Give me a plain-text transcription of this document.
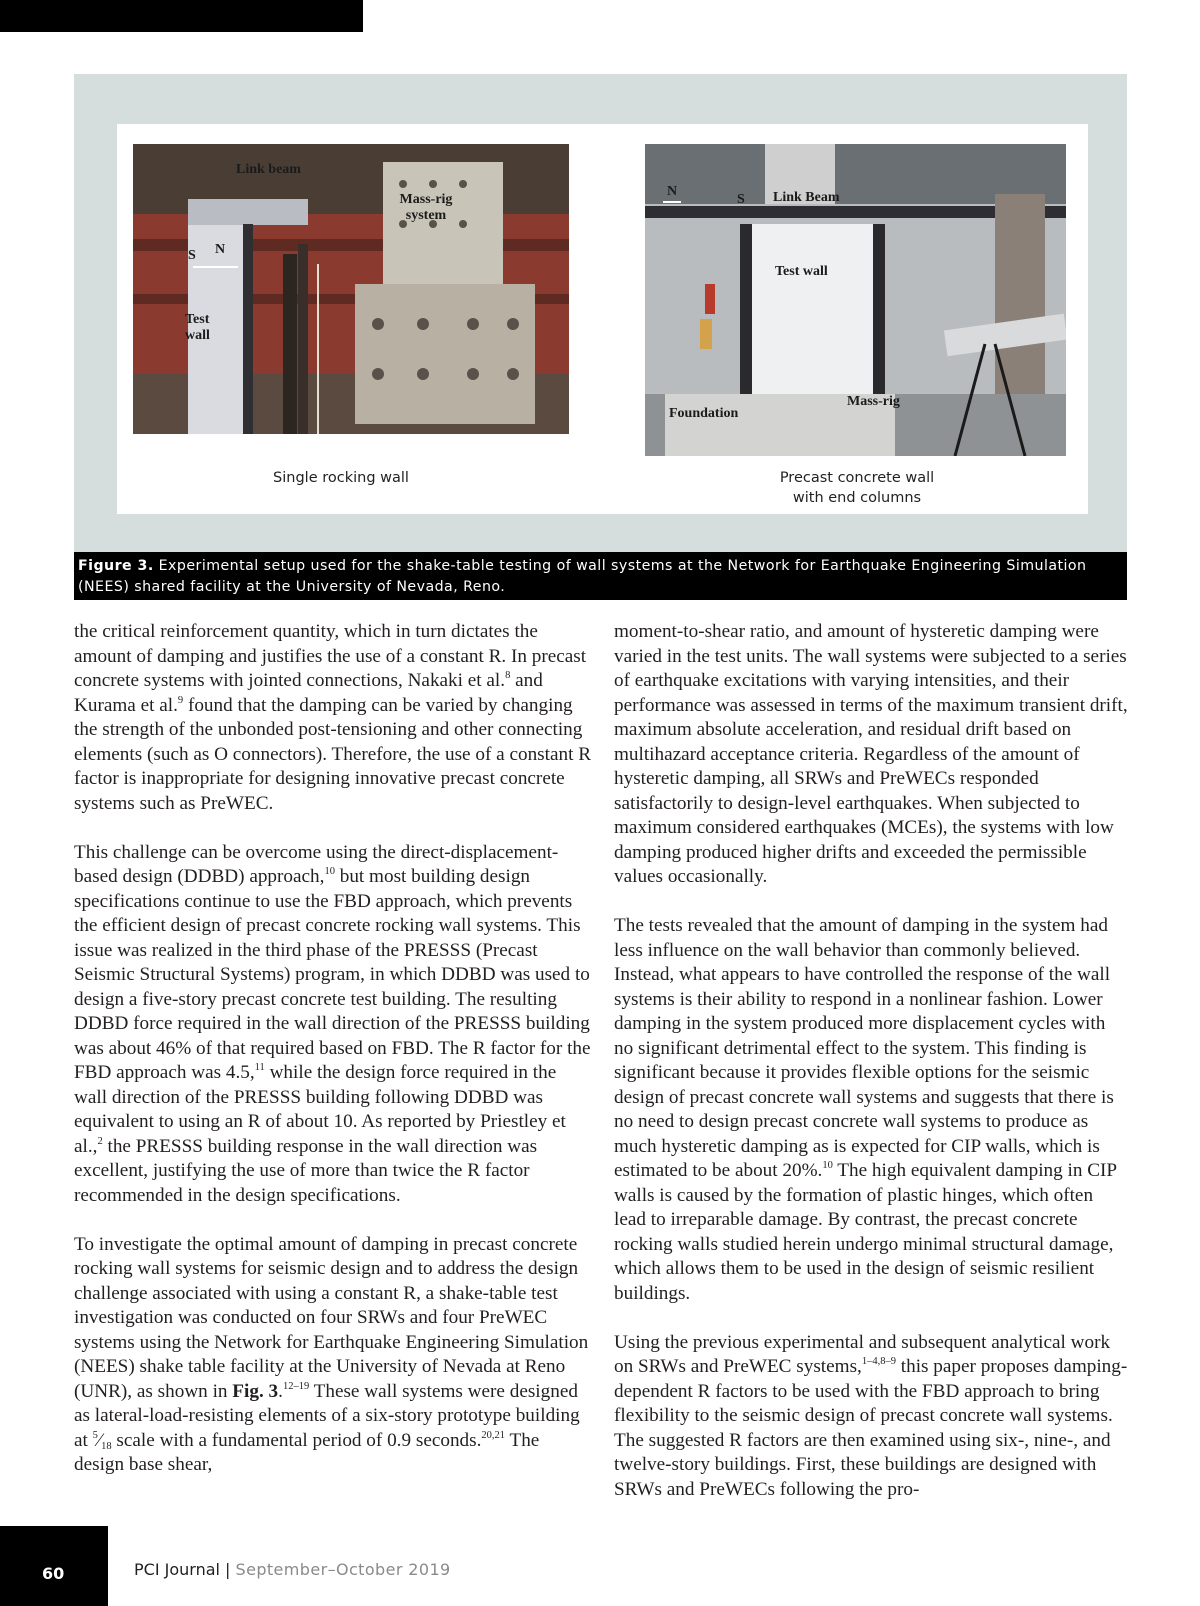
Link beam
Mass-rig system
S N
Test wall
N
S Link Beam
Test wall
Foundation
Mass-rig
Single rocking wall	Precast concrete wall
with end columns
Figure 3. Experimental setup used for the shake-table testing of wall systems at the Network for Earthquake Engineering Simulation (NEES) shared facility at the University of Nevada, Reno.

the critical reinforcement quantity, which in turn dictates the amount of damping and justifies the use of a constant R. In precast concrete systems with jointed connections, Nakaki et al.$^8$ and Kurama et al.$^9$ found that the damping can be varied by changing the strength of the unbonded post-tensioning and other connecting elements (such as O connectors). Therefore, the use of a constant R factor is inappropriate for designing innovative precast concrete systems such as PreWEC.

This challenge can be overcome using the direct-displacement-based design (DDBD) approach,$^{10}$ but most building design specifications continue to use the FBD approach, which prevents the efficient design of precast concrete rocking wall systems. This issue was realized in the third phase of the PRESSS (Precast Seismic Structural Systems) program, in which DDBD was used to design a five-story precast concrete test building. The resulting DDBD force required in the wall direction of the PRESSS building was about 46% of that required based on FBD. The R factor for the FBD approach was 4.5,11 while the design force required in the wall direction of the PRESSS building following DDBD was equivalent to using an R of about 10. As reported by Priestley et al.,$^2$ the PRESSS building response in the wall direction was excellent, justifying the use of more than twice the R factor recommended in the design specifications.

To investigate the optimal amount of damping in precast concrete rocking wall systems for seismic design and to address the design challenge associated with using a constant R, a shake-table test investigation was conducted on four SRWs and four PreWEC systems using the Network for Earthquake Engineering Simulation (NEES) shake table facility at the University of Nevada at Reno (UNR), as shown in Fig. 3.$^{12-19}$ These wall systems were designed as lateral-load-resisting elements of a six-story prototype building at $^5⁄_{18}$ scale with a fundamental period of 0.9 seconds.$^{20,21}$ The design base shear,

moment-to-shear ratio, and amount of hysteretic damping were varied in the test units. The wall systems were subjected to a series of earthquake excitations with varying intensities, and their performance was assessed in terms of the maximum transient drift, maximum absolute acceleration, and residual drift based on multihazard acceptance criteria. Regardless of the amount of hysteretic damping, all SRWs and PreWECs responded satisfactorily to design-level earthquakes. When subjected to maximum considered earthquakes (MCEs), the systems with low damping produced higher drifts and exceeded the permissible values occasionally.

The tests revealed that the amount of damping in the system had less influence on the wall behavior than commonly believed. Instead, what appears to have controlled the response of the wall systems is their ability to respond in a nonlinear fashion. Lower damping in the system produced more displacement cycles with no significant detrimental effect to the system. This finding is significant because it provides flexible options for the seismic design of precast concrete wall systems and suggests that there is no need to design precast concrete wall systems to produce as much hysteretic damping as is expected for CIP walls, which is estimated to be about 20%.$^{10}$ The high equivalent damping in CIP walls is caused by the formation of plastic hinges, which often lead to irreparable damage. By contrast, the precast concrete rocking walls studied herein undergo minimal structural damage, which allows them to be used in the design of seismic resilient buildings.

Using the previous experimental and subsequent analytical work on SRWs and PreWEC systems,$^{1-4,8-9}$ this paper proposes damping-dependent R factors to be used with the FBD approach to bring flexibility to the seismic design of precast concrete wall systems. The suggested R factors are then examined using six-, nine-, and twelve-story buildings. First, these buildings are designed with SRWs and PreWECs following the pro-

60	PCI Journal | September–October 2019
